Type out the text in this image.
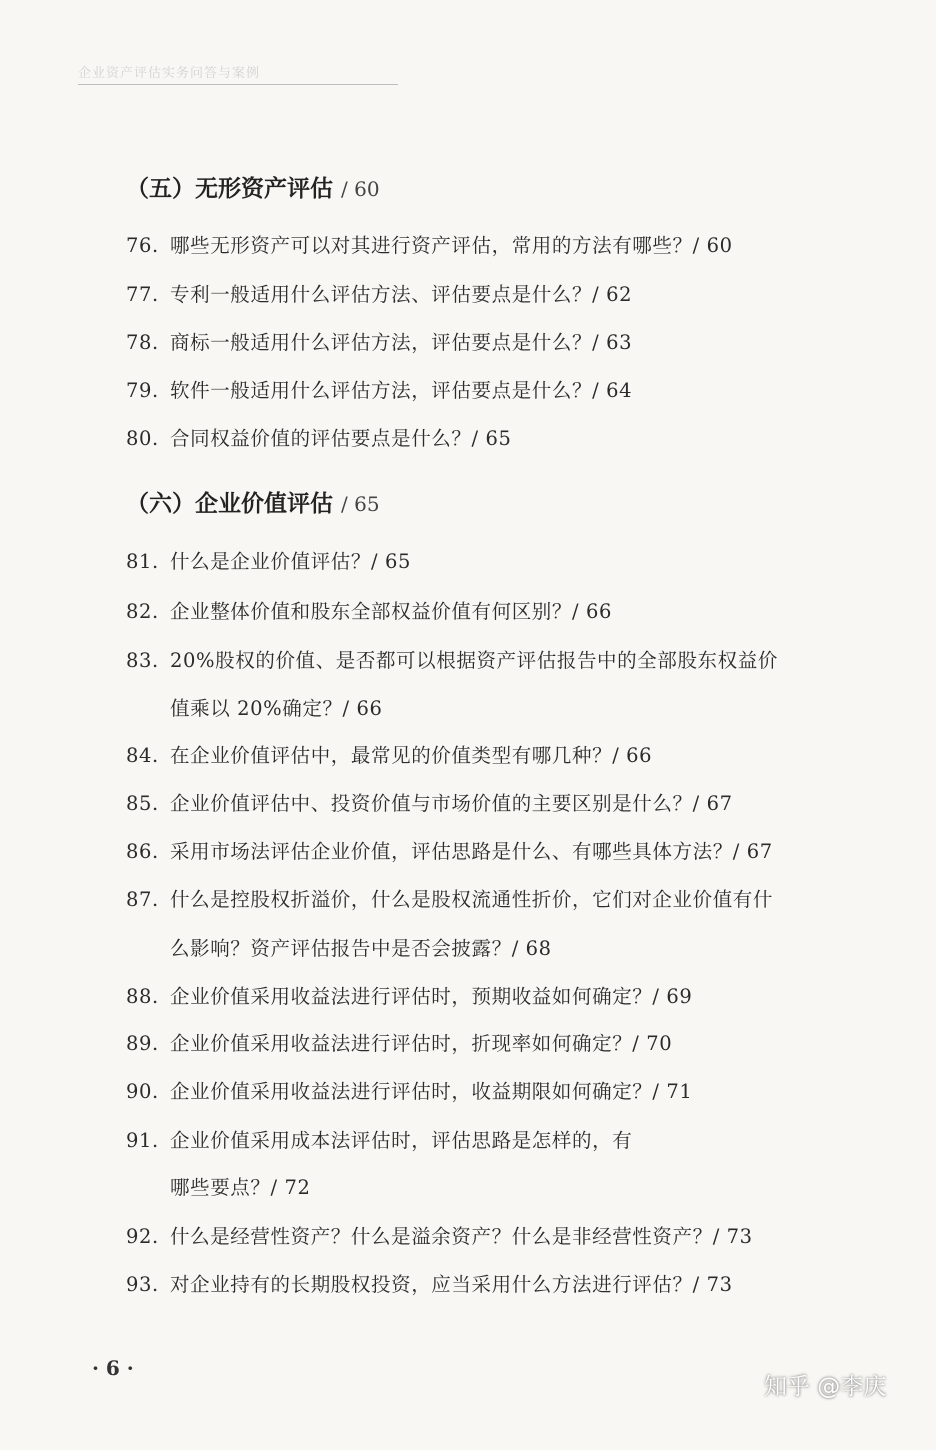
企业资产评估实务问答与案例
（五）无形资产评估 / 60
76. 哪些无形资产可以对其进行资产评估，常用的方法有哪些？/ 60
77. 专利一般适用什么评估方法、评估要点是什么？/ 62
78. 商标一般适用什么评估方法，评估要点是什么？/ 63
79. 软件一般适用什么评估方法，评估要点是什么？/ 64
80. 合同权益价值的评估要点是什么？/ 65
（六）企业价值评估 / 65
81. 什么是企业价值评估？/ 65
82. 企业整体价值和股东全部权益价值有何区别？/ 66
83. 20%股权的价值、是否都可以根据资产评估报告中的全部股东权益价
值乘以 20%确定？/ 66
84. 在企业价值评估中，最常见的价值类型有哪几种？/ 66
85. 企业价值评估中、投资价值与市场价值的主要区别是什么？/ 67
86. 采用市场法评估企业价值，评估思路是什么、有哪些具体方法？/ 67
87. 什么是控股权折溢价，什么是股权流通性折价，它们对企业价值有什
么影响？资产评估报告中是否会披露？/ 68
88. 企业价值采用收益法进行评估时，预期收益如何确定？/ 69
89. 企业价值采用收益法进行评估时，折现率如何确定？/ 70
90. 企业价值采用收益法进行评估时，收益期限如何确定？/ 71
91. 企业价值采用成本法评估时，评估思路是怎样的，有
哪些要点？/ 72
92. 什么是经营性资产？什么是溢余资产？什么是非经营性资产？/ 73
93. 对企业持有的长期股权投资，应当采用什么方法进行评估？/ 73
· 6 ·
知乎 @李庆
